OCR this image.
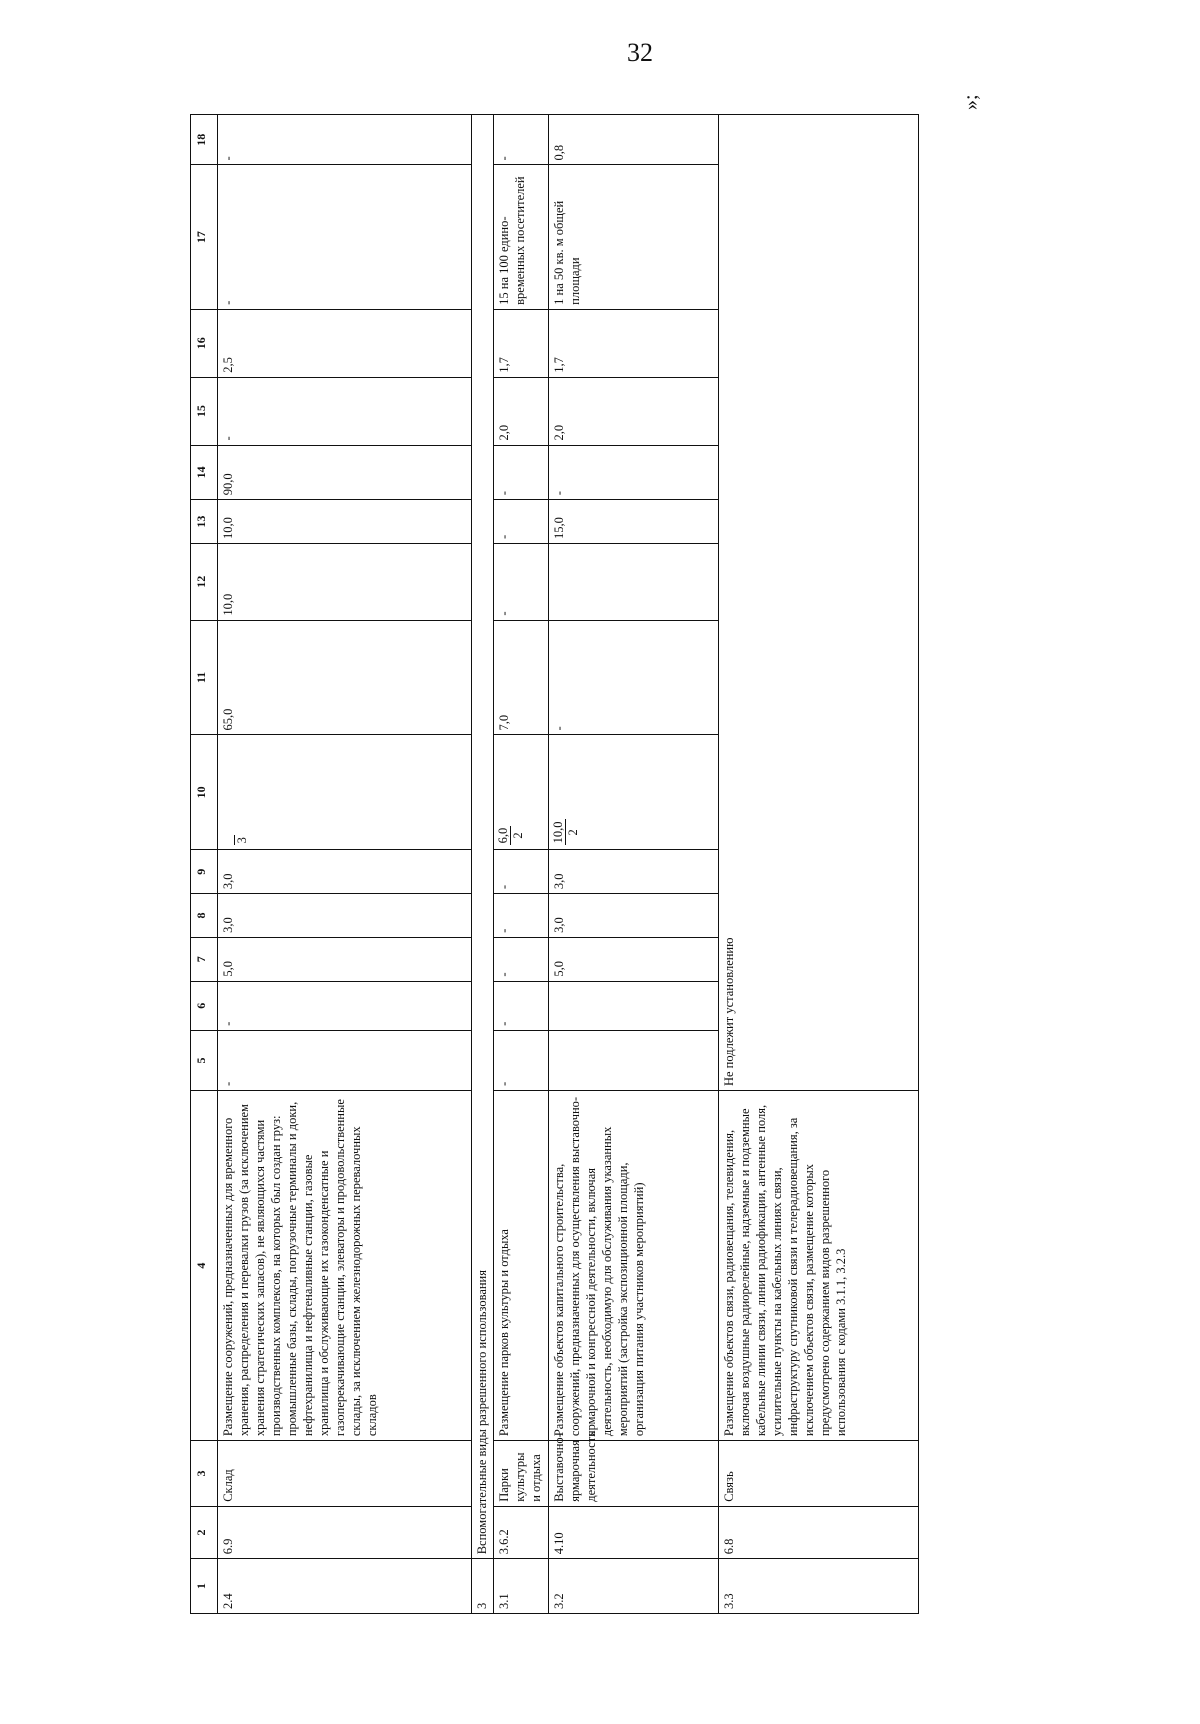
32
1	2	3	4	5	6	7	8	9	10	11	12	13	14	15	16	17	18
2.4	6.9	Склад	Размещение сооружений, предназначенных для временного хранения, распределения и перевалки грузов (за исключением хранения стратегических запасов), не являющихся частями производственных комплексов, на которых был создан груз: промышленные базы, склады, погрузочные терминалы и доки, нефтехранилища и нефтеналивные станции, газовые хранилища и обслуживающие их газоконденсатные и газоперекачивающие станции, элеваторы и продовольственные склады, за исключением железнодорожных перевалочных складов	-	-	5,0	3,0	3,0	3	65,0	10,0	10,0	90,0	-	2,5	-	-
3	Вспомогательные виды разрешенного использования																
3.1	3.6.2	Парки культуры и отдыха	Размещение парков культуры и отдыха	-	-	-	-	-	6,0 2	7,0	-	-	-	2,0	1,7	15 на 100 едино-временных посетителей	-
3.2	4.10	Выставочно-ярмарочная деятельность	Размещение объектов капитального строительства, сооружений, предназначенных для осуществления выставочно-ярмарочной и конгрессной деятельности, включая деятельность, необходимую для обслуживания указанных мероприятий (застройка экспозиционной площади, организация питания участников мероприятий)			5,0	3,0	3,0	10,0 2	-		15,0	-	2,0	1,7	1 на 50 кв. м общей площади	0,8
3.3	6.8	Связь	Размещение объектов связи, радиовещания, телевидения, включая воздушные радиорелейные, надземные и подземные кабельные линии связи, линии радиофикации, антенные поля, усилительные пункты на кабельных линиях связи, инфраструктуру спутниковой связи и телерадиовещания, за исключением объектов связи, размещение которых предусмотрено содержанием видов разрешенного использования с кодами 3.1.1, 3.2.3	Не подлежит установлению													
»;
